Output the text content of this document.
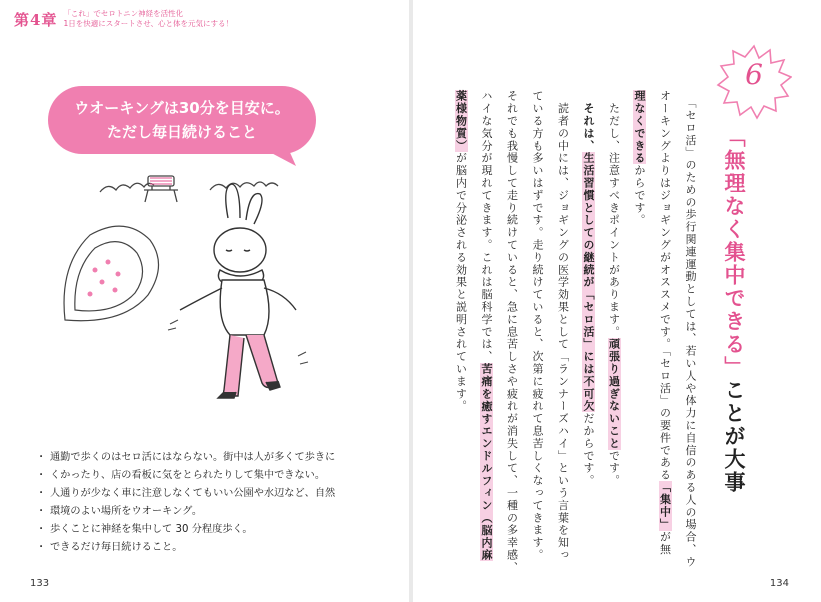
第4章 「これ」でセロトニン神経を活性化
1日を快適にスタートさせ、心と体を元気にする！
ウオーキングは30分を目安に。
ただし毎日続けること
・ 通勤で歩くのはセロ活にはならない。街中は人が多くて歩きに
・ くかったり、店の看板に気をとられたりして集中できない。
・ 人通りが少なく車に注意しなくてもいい公園や水辺など、自然
・ 環境のよい場所をウオーキング。
・ 歩くことに神経を集中して 30 分程度歩く。
・ できるだけ毎日続けること。
133
6
「無理なく集中できる」ことが大事
　「セロ活」のための歩行関連運動としては、若い人や体力に自信のある人の場合、ウ
オーキングよりはジョギングがオススメです。「セロ活」の要件である「集中」が無
理なくできるからです。
　ただし、注意すべきポイントがあります。頑張り過ぎないことです。
　それは、生活習慣としての継続が「セロ活」には不可欠だからです。
　読者の中には、ジョギングの医学効果として「ランナーズハイ」という言葉を知っ
ている方も多いはずです。走り続けていると、次第に疲れて息苦しくなってきます。
それでも我慢して走り続けていると、急に息苦しさや疲れが消失して、一種の多幸感、
ハイな気分が現れてきます。これは脳科学では、苦痛を癒すエンドルフィン（脳内麻
薬様物質）が脳内で分泌される効果と説明されています。
134
